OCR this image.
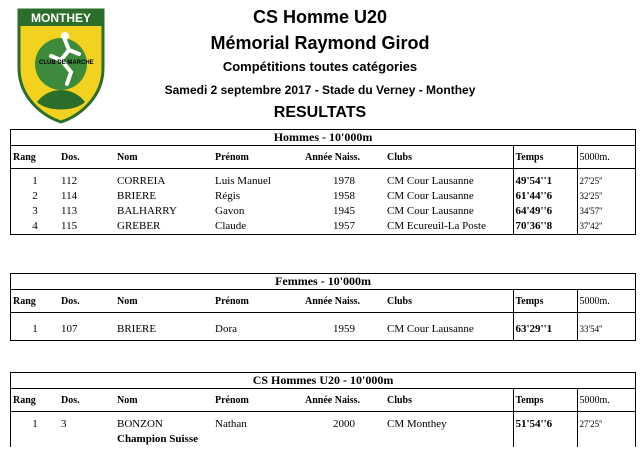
MONTHEY
CLUB DE MARCHE
CS Homme U20
Mémorial Raymond Girod
Compétitions toutes catégories
Samedi 2 septembre 2017 - Stade du Verney - Monthey
RESULTATS
Hommes - 10'000m							
Rang	Dos.	Nom	Prénom	Année Naiss.	Clubs	Temps	5000m.
1	112	CORREIA	Luis Manuel	1978	CM Cour Lausanne	49'54''1	27'25''
2	114	BRIERE	Régis	1958	CM Cour Lausanne	61'44''6	32'25''
3	113	BALHARRY	Gavon	1945	CM Cour Lausanne	64'49''6	34'57''
4	115	GREBER	Claude	1957	CM Ecureuil-La Poste	70'36''8	37'42''
Femmes - 10'000m							
Rang	Dos.	Nom	Prénom	Année Naiss.	Clubs	Temps	5000m.
1	107	BRIERE	Dora	1959	CM Cour Lausanne	63'29''1	33'54''
CS Hommes U20 - 10'000m							
Rang	Dos.	Nom	Prénom	Année Naiss.	Clubs	Temps	5000m.
1	3	BONZON	Nathan	2000	CM Monthey	51'54''6	27'25''
		Champion Suisse					
